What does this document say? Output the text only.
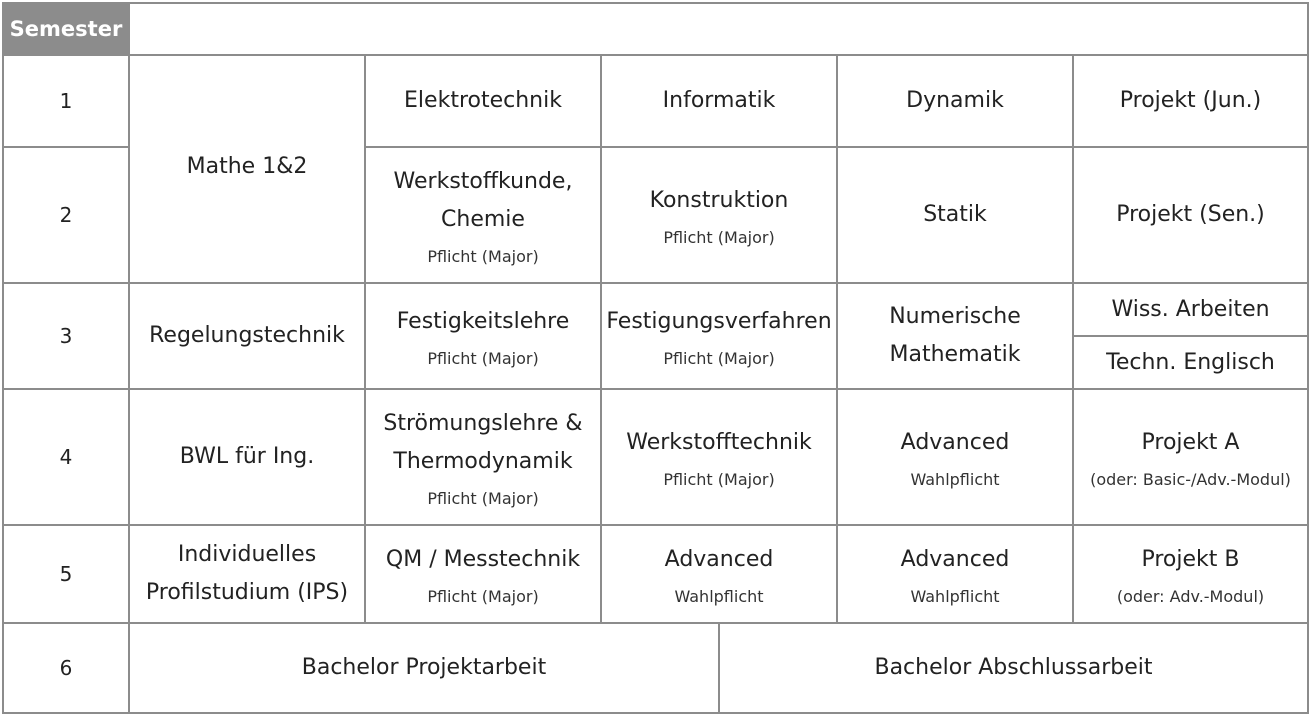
Semester
1
2
3
4
5
6
Mathe 1&2
Regelungstechnik
BWL für Ing.
Individuelles
Profilstudium (IPS)
Elektrotechnik
Werkstoffkunde,
Chemie
Pflicht (Major)
Festigkeitslehre
Pflicht (Major)
Strömungslehre &
Thermodynamik
Pflicht (Major)
QM / Messtechnik
Pflicht (Major)
Informatik
Konstruktion
Pflicht (Major)
Festigungsverfahren
Pflicht (Major)
Werkstofftechnik
Pflicht (Major)
Advanced
Wahlpflicht
Dynamik
Statik
Numerische
Mathematik
Advanced
Wahlpflicht
Advanced
Wahlpflicht
Projekt (Jun.)
Projekt (Sen.)
Wiss. Arbeiten
Techn. Englisch
Projekt A
(oder: Basic-/Adv.-Modul)
Projekt B
(oder: Adv.-Modul)
Bachelor Projektarbeit	Bachelor Abschlussarbeit
